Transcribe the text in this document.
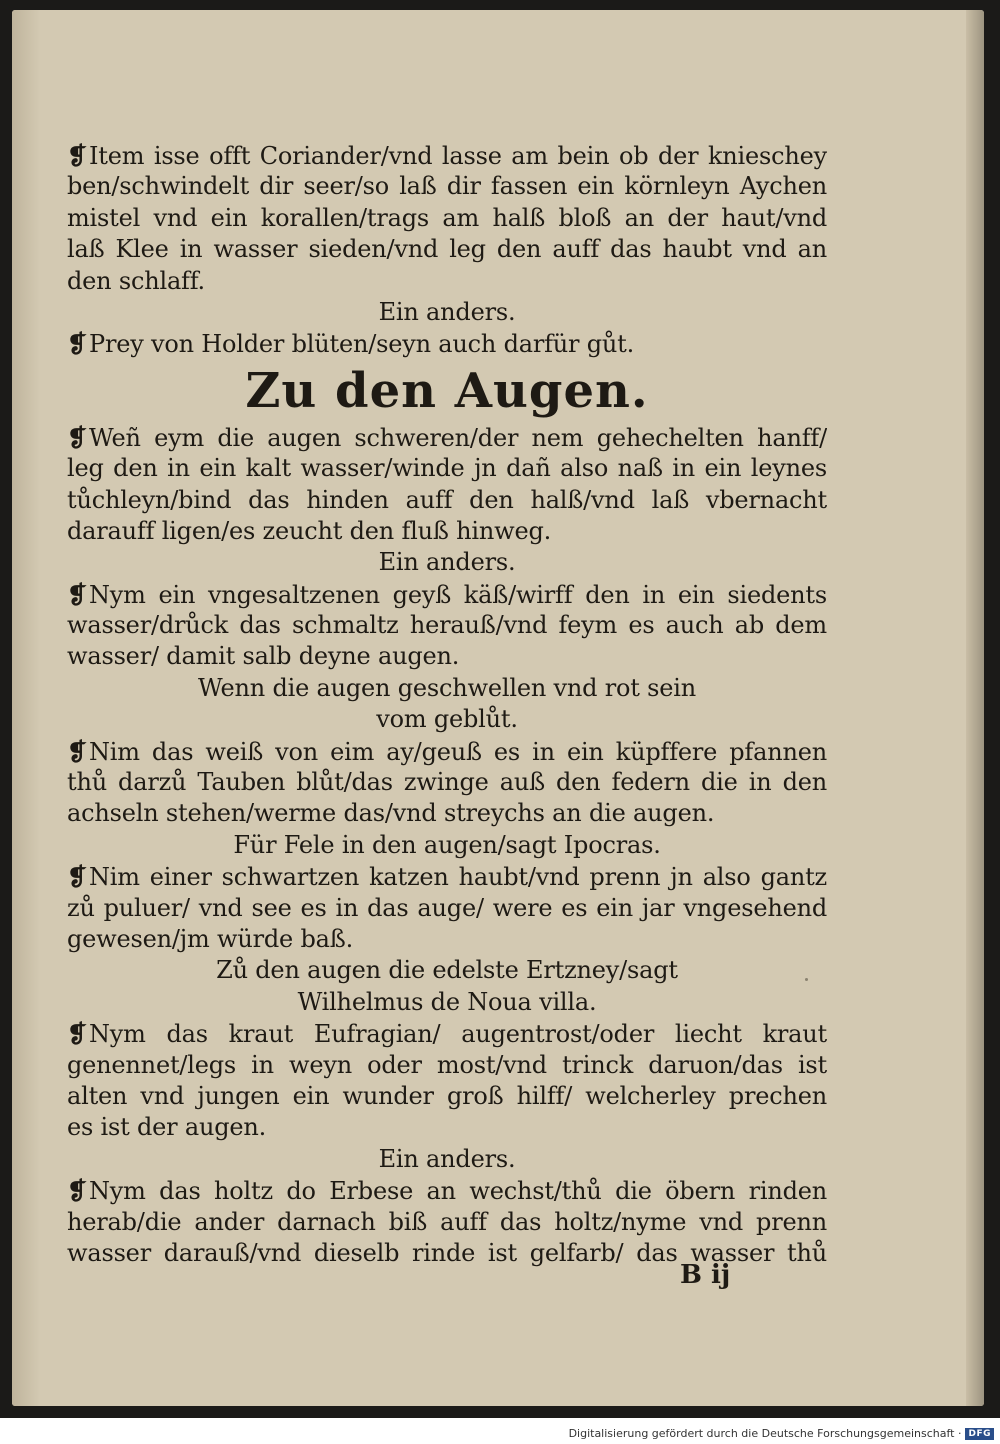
❡Item isse offt Coriander/vnd lasse am bein ob der knieschey
ben/schwindelt dir seer/so laß dir fassen ein körnleyn Aychen
mistel vnd ein korallen/trags am halß bloß an der haut/vnd
laß Klee in wasser sieden/vnd leg den auff das haubt vnd an
den schlaff.
Ein anders.
❡Prey von Holder blüten/seyn auch darfür gůt.
Zu den Augen.
❡Weñ eym die augen schweren/der nem gehechelten hanff/
leg den in ein kalt wasser/winde jn dañ also naß in ein leynes
tůchleyn/bind das hinden auff den halß/vnd laß vbernacht
darauff ligen/es zeucht den fluß hinweg.
Ein anders.
❡Nym ein vngesaltzenen geyß käß/wirff den in ein siedents
wasser/drůck das schmaltz herauß/vnd feym es auch ab dem
wasser/ damit salb deyne augen.
Wenn die augen geschwellen vnd rot sein
vom geblůt.
❡Nim das weiß von eim ay/geuß es in ein küpffere pfannen
thů darzů Tauben blůt/das zwinge auß den federn die in den
achseln stehen/werme das/vnd streychs an die augen.
Für Fele in den augen/sagt Ipocras.
❡Nim einer schwartzen katzen haubt/vnd prenn jn also gantz
zů puluer/ vnd see es in das auge/ were es ein jar vngesehend
gewesen/jm würde baß.
Zů den augen die edelste Ertzney/sagt
Wilhelmus de Noua villa.
❡Nym das kraut Eufragian/ augentrost/oder liecht kraut
genennet/legs in weyn oder most/vnd trinck daruon/das ist
alten vnd jungen ein wunder groß hilff/ welcherley prechen
es ist der augen.
Ein anders.
❡Nym das holtz do Erbese an wechst/thů die öbern rinden
herab/die ander darnach biß auff das holtz/nyme vnd prenn
wasser darauß/vnd dieselb rinde ist gelfarb/ das wasser thů
B ij
Digitalisierung gefördert durch die Deutsche Forschungsgemeinschaft · DFG
